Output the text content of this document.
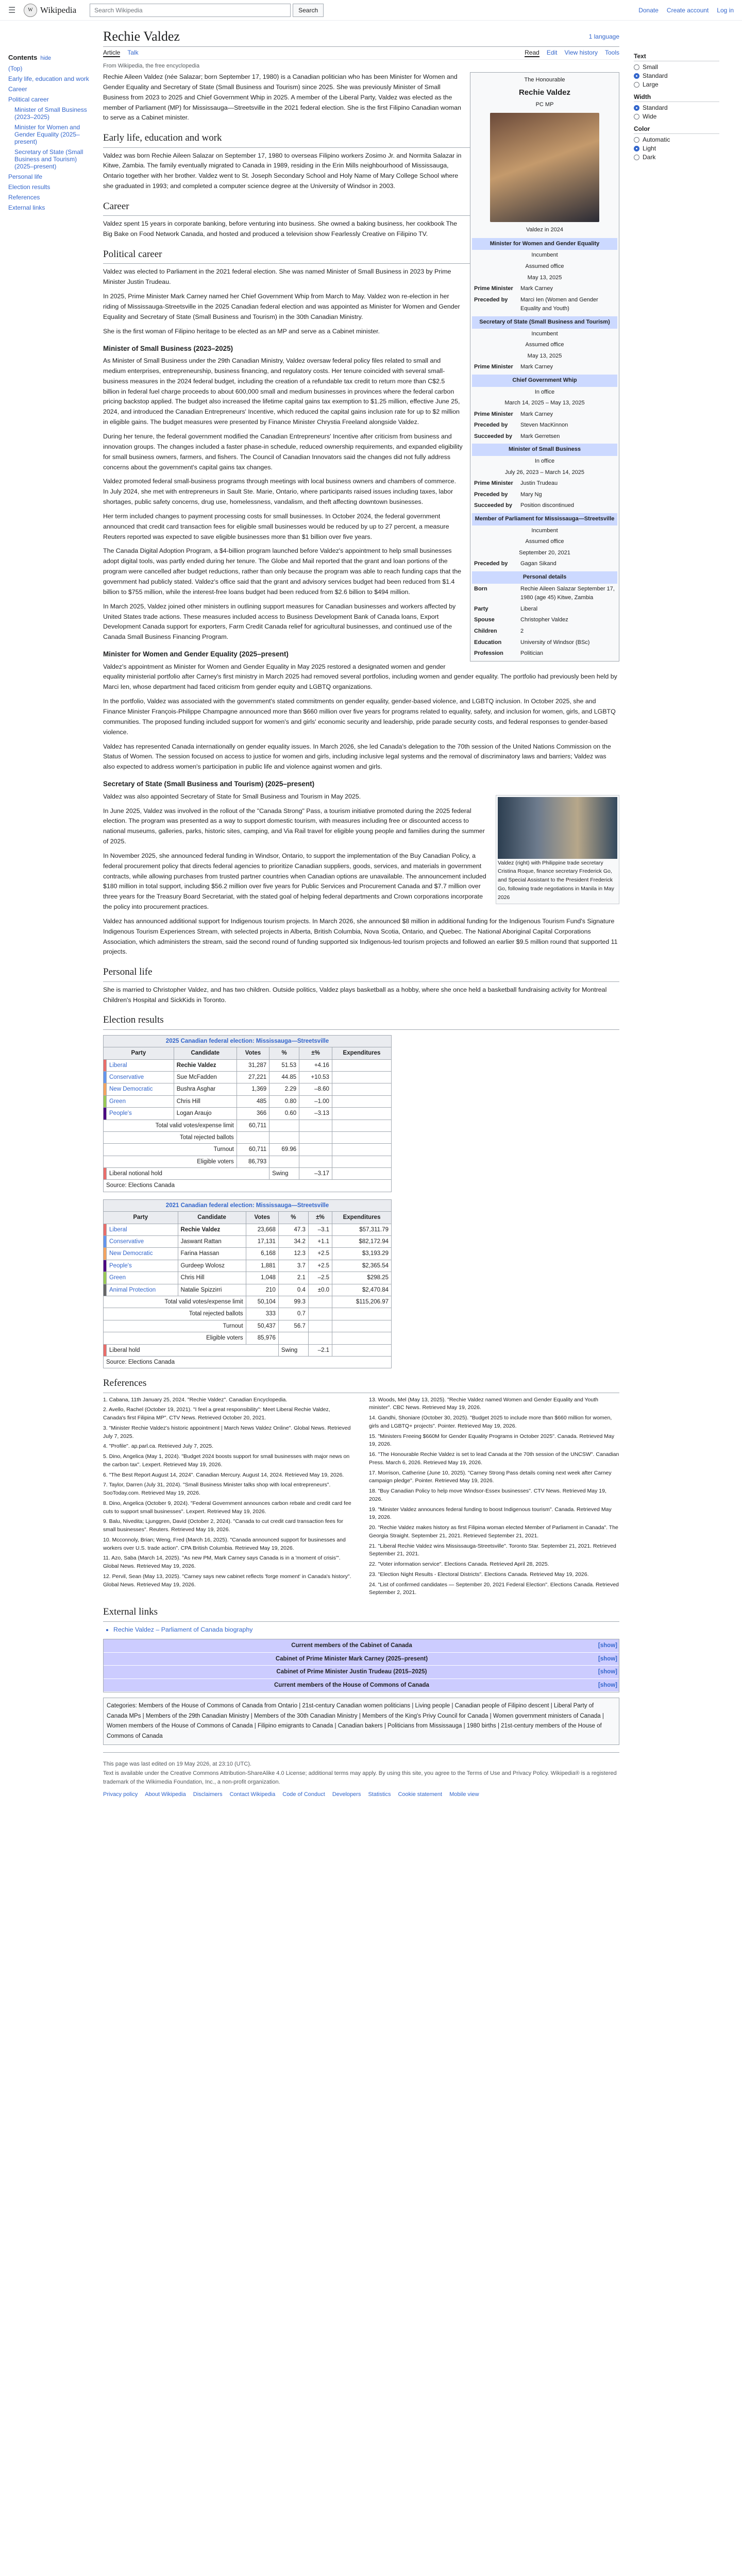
☰	W Wikipedia	Search Wikipedia	Search	Donate Create account Log in
Contents hide
(Top)
Early life, education and work
Career
Political career
Minister of Small Business (2023–2025)
Minister for Women and Gender Equality (2025–present)
Secretary of State (Small Business and Tourism) (2025–present)
Personal life
Election results
References
External links
Rechie Valdez	1 language
Article Talk	Read Edit View history Tools
From Wikipedia, the free encyclopedia
The Honourable
Rechie Valdez
PC MP
Valdez in 2024
Minister for Women and Gender Equality
Incumbent
Assumed office
May 13, 2025
Prime Minister	Mark Carney
Preceded by	Marci Ien (Women and Gender Equality and Youth)
Secretary of State (Small Business and Tourism)
Incumbent
Assumed office
May 13, 2025
Prime Minister	Mark Carney
Chief Government Whip
In office
March 14, 2025 – May 13, 2025
Prime Minister	Mark Carney
Preceded by	Steven MacKinnon
Succeeded by	Mark Gerretsen
Minister of Small Business
In office
July 26, 2023 – March 14, 2025
Prime Minister	Justin Trudeau
Preceded by	Mary Ng
Succeeded by	Position discontinued
Member of Parliament for Mississauga—Streetsville
Incumbent
Assumed office
September 20, 2021
Preceded by	Gagan Sikand
Personal details
Born	Rechie Aileen Salazar September 17, 1980 (age 45) Kitwe, Zambia
Party	Liberal
Spouse	Christopher Valdez
Children	2
Education	University of Windsor (BSc)
Profession	Politician

Rechie Aileen Valdez (née Salazar; born September 17, 1980) is a Canadian politician who has been Minister for Women and Gender Equality and Secretary of State (Small Business and Tourism) since 2025. She was previously Minister of Small Business from 2023 to 2025 and Chief Government Whip in 2025. A member of the Liberal Party, Valdez was elected as the member of Parliament (MP) for Mississauga—Streetsville in the 2021 federal election. She is the first Filipino Canadian woman to serve as a Cabinet minister.

Early life, education and work

Valdez was born Rechie Aileen Salazar on September 17, 1980 to overseas Filipino workers Zosimo Jr. and Normita Salazar in Kitwe, Zambia. The family eventually migrated to Canada in 1989, residing in the Erin Mills neighbourhood of Mississauga, Ontario together with her brother. Valdez went to St. Joseph Secondary School and Holy Name of Mary College School where she graduated in 1993; and completed a computer science degree at the University of Windsor in 2003.

Career

Valdez spent 15 years in corporate banking, before venturing into business. She owned a baking business, her cookbook The Big Bake on Food Network Canada, and hosted and produced a television show Fearlessly Creative on Filipino TV.

Political career

Valdez was elected to Parliament in the 2021 federal election. She was named Minister of Small Business in 2023 by Prime Minister Justin Trudeau.

In 2025, Prime Minister Mark Carney named her Chief Government Whip from March to May. Valdez won re-election in her riding of Mississauga-Streetsville in the 2025 Canadian federal election and was appointed as Minister for Women and Gender Equality and Secretary of State (Small Business and Tourism) in the 30th Canadian Ministry.

She is the first woman of Filipino heritage to be elected as an MP and serve as a Cabinet minister.

Minister of Small Business (2023–2025)

As Minister of Small Business under the 29th Canadian Ministry, Valdez oversaw federal policy files related to small and medium enterprises, entrepreneurship, business financing, and regulatory costs. Her tenure coincided with several small-business measures in the 2024 federal budget, including the creation of a refundable tax credit to return more than C$2.5 billion in federal fuel charge proceeds to about 600,000 small and medium businesses in provinces where the federal carbon pricing backstop applied. The budget also increased the lifetime capital gains tax exemption to $1.25 million, effective June 25, 2024, and introduced the Canadian Entrepreneurs' Incentive, which reduced the capital gains inclusion rate for up to $2 million in eligible gains. The budget measures were presented by Finance Minister Chrystia Freeland alongside Valdez.

During her tenure, the federal government modified the Canadian Entrepreneurs' Incentive after criticism from business and innovation groups. The changes included a faster phase-in schedule, reduced ownership requirements, and expanded eligibility for small business owners, farmers, and fishers. The Council of Canadian Innovators said the changes did not fully address concerns about the government's capital gains tax changes.

Valdez promoted federal small-business programs through meetings with local business owners and chambers of commerce. In July 2024, she met with entrepreneurs in Sault Ste. Marie, Ontario, where participants raised issues including taxes, labor shortages, public safety concerns, drug use, homelessness, vandalism, and theft affecting downtown businesses.

Her term included changes to payment processing costs for small businesses. In October 2024, the federal government announced that credit card transaction fees for eligible small businesses would be reduced by up to 27 percent, a measure Reuters reported was expected to save eligible businesses more than $1 billion over five years.

The Canada Digital Adoption Program, a $4-billion program launched before Valdez's appointment to help small businesses adopt digital tools, was partly ended during her tenure. The Globe and Mail reported that the grant and loan portions of the program were cancelled after budget reductions, rather than only because the program was able to reach funding caps that the government had publicly stated. Valdez's office said that the grant and advisory services budget had been reduced from $1.4 billion to $755 million, while the interest-free loans budget had been reduced from $2.6 billion to $494 million.

In March 2025, Valdez joined other ministers in outlining support measures for Canadian businesses and workers affected by United States trade actions. These measures included access to Business Development Bank of Canada loans, Export Development Canada support for exporters, Farm Credit Canada relief for agricultural businesses, and continued use of the Canada Small Business Financing Program.

Minister for Women and Gender Equality (2025–present)

Valdez's appointment as Minister for Women and Gender Equality in May 2025 restored a designated women and gender equality ministerial portfolio after Carney's first ministry in March 2025 had removed several portfolios, including women and gender equality. The portfolio had previously been held by Marci Ien, whose department had faced criticism from gender equity and LGBTQ organizations.

In the portfolio, Valdez was associated with the government's stated commitments on gender equality, gender-based violence, and LGBTQ inclusion. In October 2025, she and Finance Minister François-Philippe Champagne announced more than $660 million over five years for programs related to equality, safety, and inclusion for women, girls, and LGBTQ communities. The proposed funding included support for women's and girls' economic security and leadership, pride parade security costs, and federal responses to gender-based violence.

Valdez has represented Canada internationally on gender equality issues. In March 2026, she led Canada's delegation to the 70th session of the United Nations Commission on the Status of Women. The session focused on access to justice for women and girls, including inclusive legal systems and the removal of discriminatory laws and barriers; Valdez was also expected to address women's participation in public life and violence against women and girls.

Secretary of State (Small Business and Tourism) (2025–present)
Valdez (right) with Philippine trade secretary Cristina Roque, finance secretary Frederick Go, and Special Assistant to the President Frederick Go, following trade negotiations in Manila in May 2026

Valdez was also appointed Secretary of State for Small Business and Tourism in May 2025.

In June 2025, Valdez was involved in the rollout of the "Canada Strong" Pass, a tourism initiative promoted during the 2025 federal election. The program was presented as a way to support domestic tourism, with measures including free or discounted access to national museums, galleries, parks, historic sites, camping, and Via Rail travel for eligible young people and families during the summer of 2025.

In November 2025, she announced federal funding in Windsor, Ontario, to support the implementation of the Buy Canadian Policy, a federal procurement policy that directs federal agencies to prioritize Canadian suppliers, goods, services, and materials in government contracts, while allowing purchases from trusted partner countries when Canadian options are unavailable. The announcement included $180 million in total support, including $56.2 million over five years for Public Services and Procurement Canada and $7.7 million over three years for the Treasury Board Secretariat, with the stated goal of helping federal departments and Crown corporations incorporate the policy into procurement practices.

Valdez has announced additional support for Indigenous tourism projects. In March 2026, she announced $8 million in additional funding for the Indigenous Tourism Fund's Signature Indigenous Tourism Experiences Stream, with selected projects in Alberta, British Columbia, Nova Scotia, Ontario, and Quebec. The National Aboriginal Capital Corporations Association, which administers the stream, said the second round of funding supported six Indigenous-led tourism projects and followed an earlier $9.5 million round that supported 11 projects.

Personal life

She is married to Christopher Valdez, and has two children. Outside politics, Valdez plays basketball as a hobby, where she once held a basketball fundraising activity for Montreal Children's Hospital and SickKids in Toronto.

Election results
2025 Canadian federal election: Mississauga—Streetsville						
Party		Candidate	Votes	%	±%	Expenditures
	Liberal	Rechie Valdez	31,287	51.53	+4.16	
	Conservative	Sue McFadden	27,221	44.85	+10.53	
	New Democratic	Bushra Asghar	1,369	2.29	–8.60	
	Green	Chris Hill	485	0.80	–1.00	
	People's	Logan Araujo	366	0.60	–3.13	
Total valid votes/expense limit			60,711			
Total rejected ballots						
Turnout			60,711	69.96		
Eligible voters			86,793			
	Liberal notional hold			Swing	–3.17	
Source: Elections Canada						
2021 Canadian federal election: Mississauga—Streetsville						
Party		Candidate	Votes	%	±%	Expenditures
	Liberal	Rechie Valdez	23,668	47.3	–3.1	$57,311.79
	Conservative	Jaswant Rattan	17,131	34.2	+1.1	$82,172.94
	New Democratic	Farina Hassan	6,168	12.3	+2.5	$3,193.29
	People's	Gurdeep Wolosz	1,881	3.7	+2.5	$2,365.54
	Green	Chris Hill	1,048	2.1	–2.5	$298.25
	Animal Protection	Natalie Spizzirri	210	0.4	±0.0	$2,470.84
Total valid votes/expense limit			50,104	99.3		$115,206.97
Total rejected ballots			333	0.7		
Turnout			50,437	56.7		
Eligible voters			85,976			
	Liberal hold			Swing	–2.1	
Source: Elections Canada						
References
1. Cabana, 11th January 25, 2024. "Rechie Valdez". Canadian Encyclopedia.
2. Avello, Rachel (October 19, 2021). "I feel a great responsibility": Meet Liberal Rechie Valdez, Canada's first Filipina MP". CTV News. Retrieved October 20, 2021.
3. "Minister Rechie Valdez's historic appointment | March News Valdez Online". Global News. Retrieved July 7, 2025.
4. "Profile". ap.parl.ca. Retrieved July 7, 2025.
5. Dino, Angelica (May 1, 2024). "Budget 2024 boosts support for small businesses with major news on the carbon tax". Lexpert. Retrieved May 19, 2026.
6. "The Best Report August 14, 2024". Canadian Mercury. August 14, 2024. Retrieved May 19, 2026.
7. Taylor, Darren (July 31, 2024). "Small Business Minister talks shop with local entrepreneurs". SooToday.com. Retrieved May 19, 2026.
8. Dino, Angelica (October 9, 2024). "Federal Government announces carbon rebate and credit card fee cuts to support small businesses". Lexpert. Retrieved May 19, 2026.
9. Balu, Nivedita; Ljunggren, David (October 2, 2024). "Canada to cut credit card transaction fees for small businesses". Reuters. Retrieved May 19, 2026.
10. Mcconnoly, Brian; Weng, Fred (March 16, 2025). "Canada announced support for businesses and workers over U.S. trade action". CPA British Columbia. Retrieved May 19, 2026.
11. Azo, Saba (March 14, 2025). "As new PM, Mark Carney says Canada is in a 'moment of crisis'". Global News. Retrieved May 19, 2026.
12. Pervil, Sean (May 13, 2025). "Carney says new cabinet reflects 'forge moment' in Canada's history". Global News. Retrieved May 19, 2026.
13. Woods, Mel (May 13, 2025). "Rechie Valdez named Women and Gender Equality and Youth minister". CBC News. Retrieved May 19, 2026.
14. Gandhi, Shoniare (October 30, 2025). "Budget 2025 to include more than $660 million for women, girls and LGBTQ+ projects". Pointer. Retrieved May 19, 2026.
15. "Ministers Freeing $660M for Gender Equality Programs in October 2025". Canada. Retrieved May 19, 2026.
16. "The Honourable Rechie Valdez is set to lead Canada at the 70th session of the UNCSW". Canadian Press. March 6, 2026. Retrieved May 19, 2026.
17. Morrison, Catherine (June 10, 2025). "Carney Strong Pass details coming next week after Carney campaign pledge". Pointer. Retrieved May 19, 2026.
18. "Buy Canadian Policy to help move Windsor-Essex businesses". CTV News. Retrieved May 19, 2026.
19. "Minister Valdez announces federal funding to boost Indigenous tourism". Canada. Retrieved May 19, 2026.
20. "Rechie Valdez makes history as first Filipina woman elected Member of Parliament in Canada". The Georgia Straight. September 21, 2021. Retrieved September 21, 2021.
21. "Liberal Rechie Valdez wins Mississauga-Streetsville". Toronto Star. September 21, 2021. Retrieved September 21, 2021.
22. "Voter information service". Elections Canada. Retrieved April 28, 2025.
23. "Election Night Results - Electoral Districts". Elections Canada. Retrieved May 19, 2026.
24. "List of confirmed candidates — September 20, 2021 Federal Election". Elections Canada. Retrieved September 2, 2021.
External links
• Rechie Valdez – Parliament of Canada biography
Current members of the Cabinet of Canada	[show]
Cabinet of Prime Minister Mark Carney (2025–present)	[show]
Cabinet of Prime Minister Justin Trudeau (2015–2025)	[show]
Current members of the House of Commons of Canada	[show]
Categories: Members of the House of Commons of Canada from Ontario | 21st-century Canadian women politicians | Living people | Canadian people of Filipino descent | Liberal Party of Canada MPs | Members of the 29th Canadian Ministry | Members of the 30th Canadian Ministry | Members of the King's Privy Council for Canada | Women government ministers of Canada | Women members of the House of Commons of Canada | Filipino emigrants to Canada | Canadian bakers | Politicians from Mississauga | 1980 births | 21st-century members of the House of Commons of Canada
This page was last edited on 19 May 2026, at 23:10 (UTC).
Text is available under the Creative Commons Attribution-ShareAlike 4.0 License; additional terms may apply. By using this site, you agree to the Terms of Use and Privacy Policy. Wikipedia® is a registered trademark of the Wikimedia Foundation, Inc., a non-profit organization.
Privacy policy About Wikipedia Disclaimers Contact Wikipedia Code of Conduct Developers Statistics Cookie statement Mobile view
Text
Small
Standard
Large
Width
Standard
Wide
Color
Automatic
Light
Dark
